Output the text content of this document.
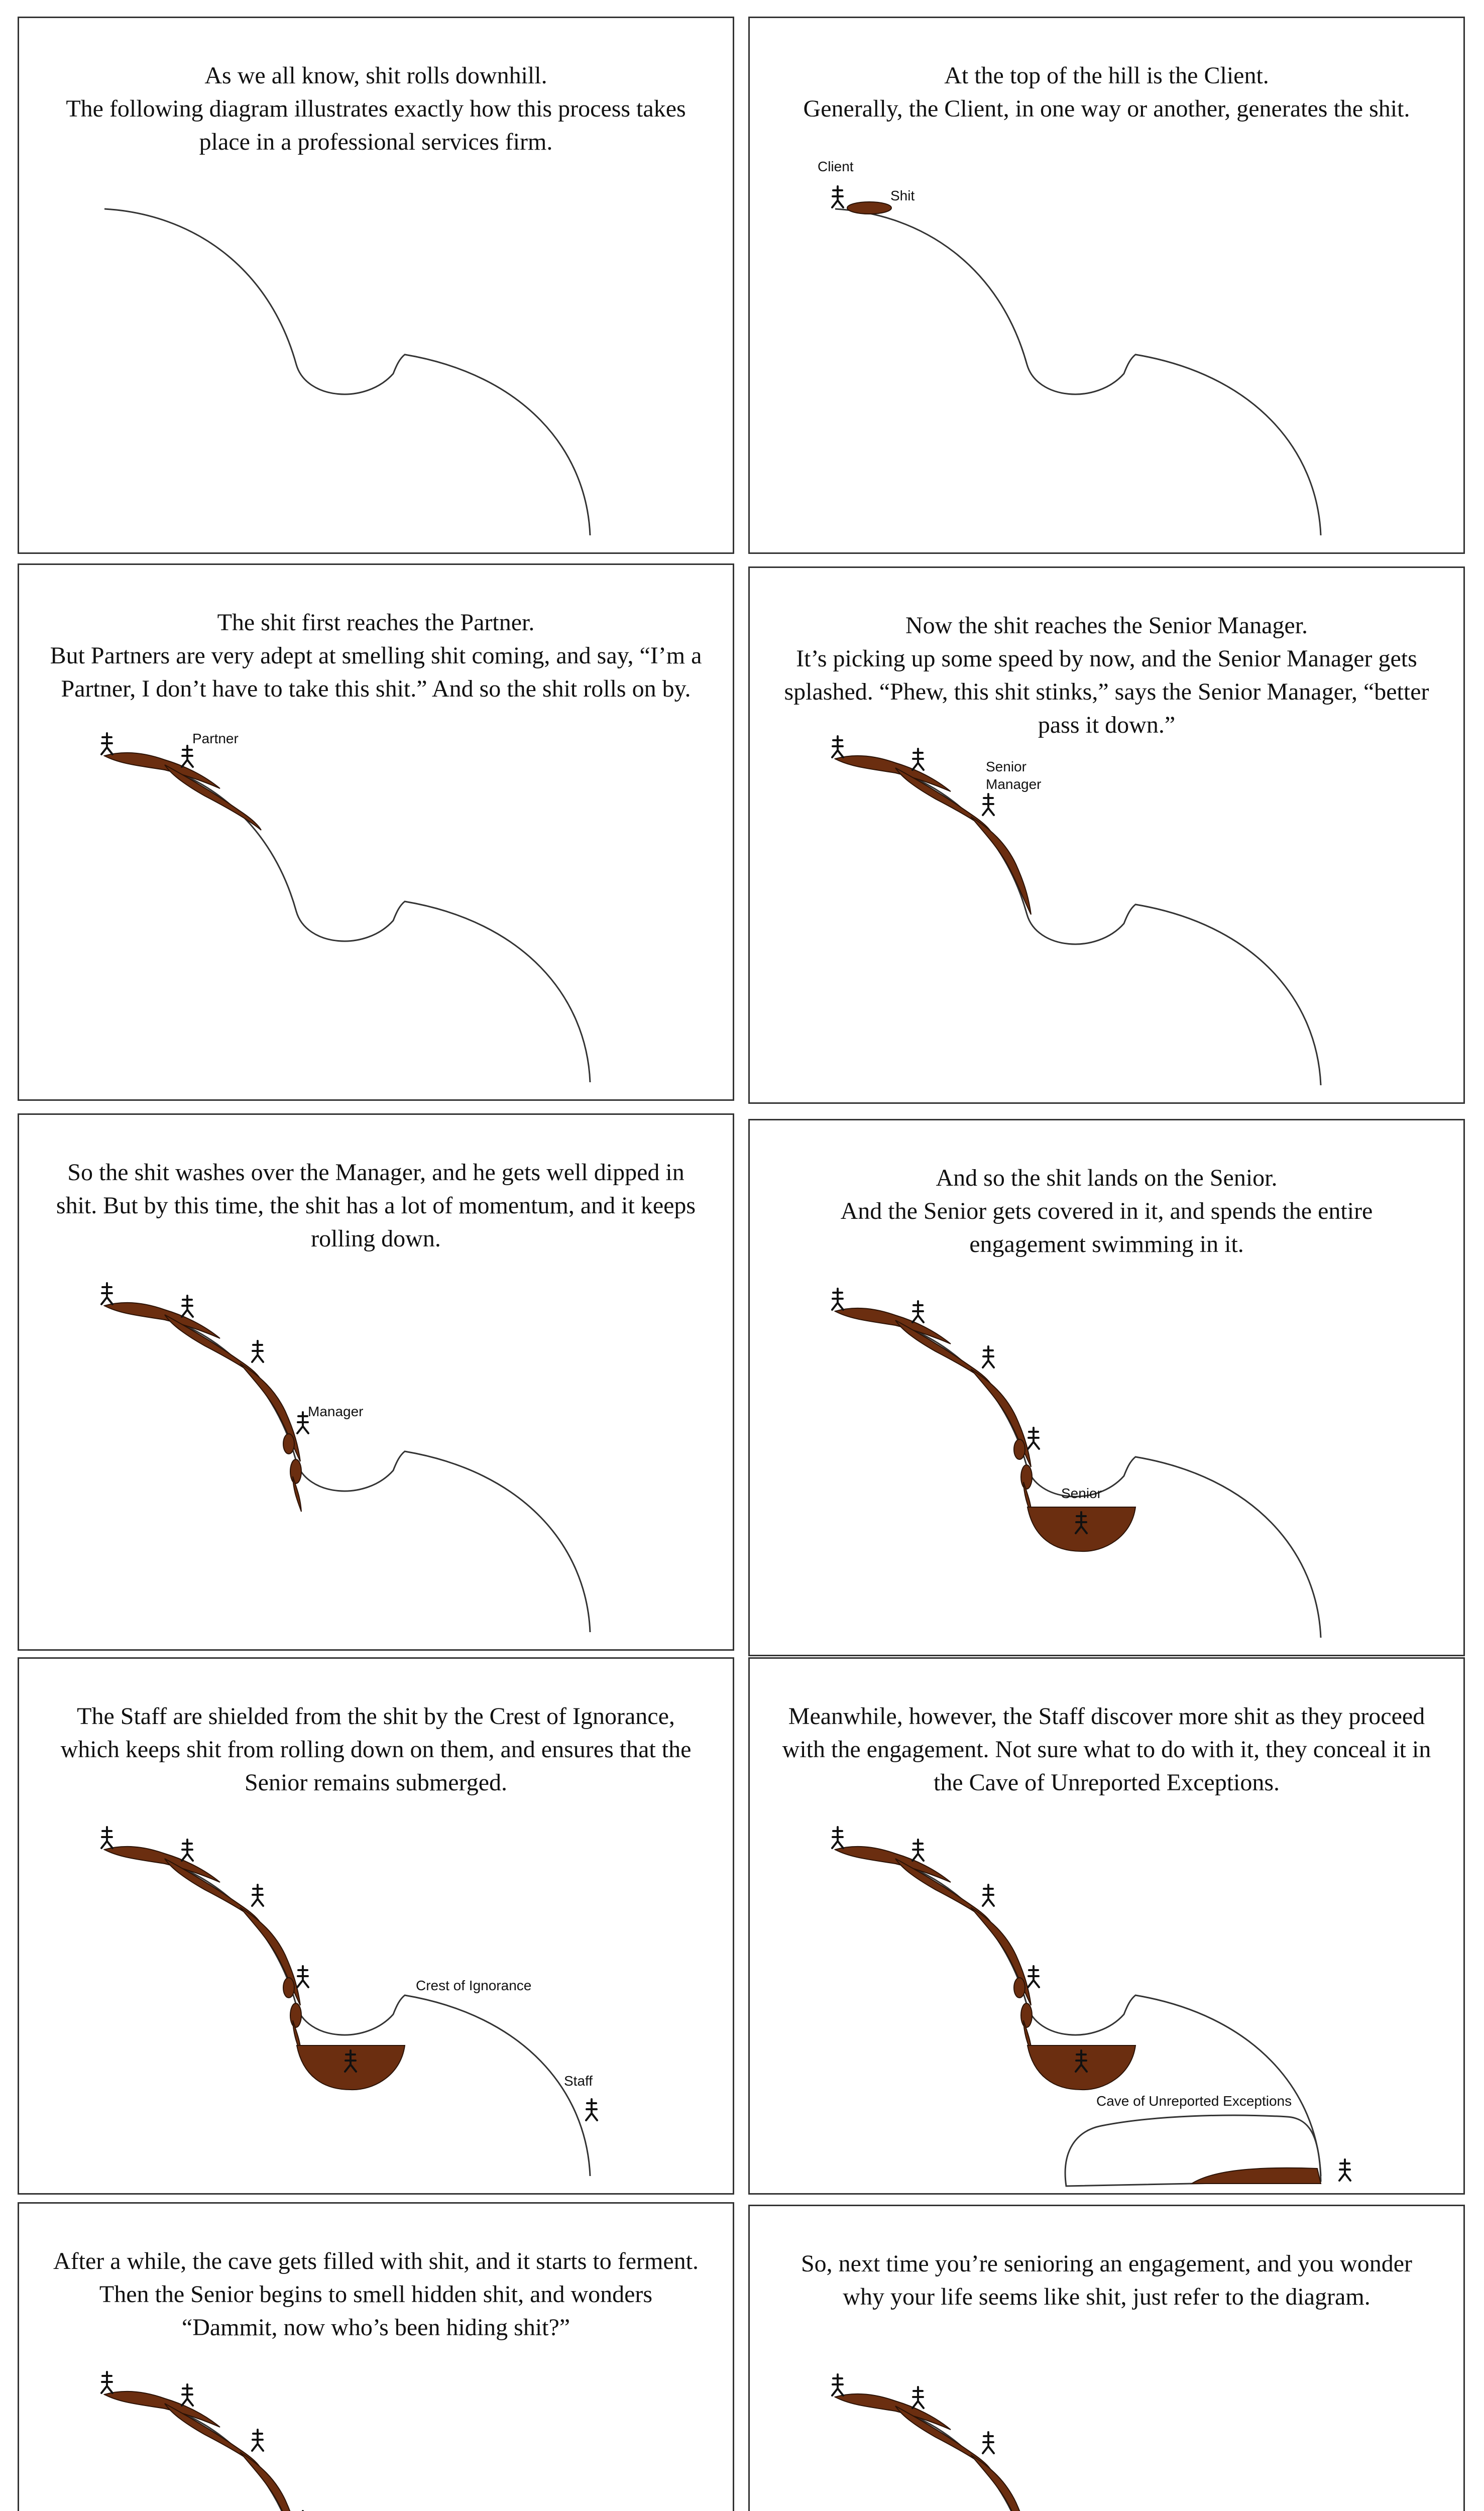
As we all know, shit rolls downhill.
The following diagram illustrates exactly how this process takes place in a professional services firm.
At the top of the hill is the Client.
Generally, the Client, in one way or another, generates the shit.
Client
Shit
The shit first reaches the Partner.
But Partners are very adept at smelling shit coming, and say, “I’m a Partner, I don’t have to take this shit.” And so the shit rolls on by.
Partner
Now the shit reaches the Senior Manager.
It’s picking up some speed by now, and the Senior Manager gets splashed. “Phew, this shit stinks,” says the Senior Manager, “better pass it down.”
Senior
Manager
So the shit washes over the Manager, and he gets well dipped in shit. But by this time, the shit has a lot of momentum, and it keeps rolling down.
Manager
And so the shit lands on the Senior.
And the Senior gets covered in it, and spends the entire engagement swimming in it.
Senior
The Staff are shielded from the shit by the Crest of Ignorance, which keeps shit from rolling down on them, and ensures that the Senior remains submerged.
Crest of Ignorance
Staff
Meanwhile, however, the Staff discover more shit as they proceed with the engagement. Not sure what to do with it, they conceal it in the Cave of Unreported Exceptions.
Cave of Unreported Exceptions
After a while, the cave gets filled with shit, and it starts to ferment. Then the Senior begins to smell hidden shit, and wonders “Dammit, now who’s been hiding shit?”
So, next time you’re senioring an engagement, and you wonder why your life seems like shit, just refer to the diagram.
